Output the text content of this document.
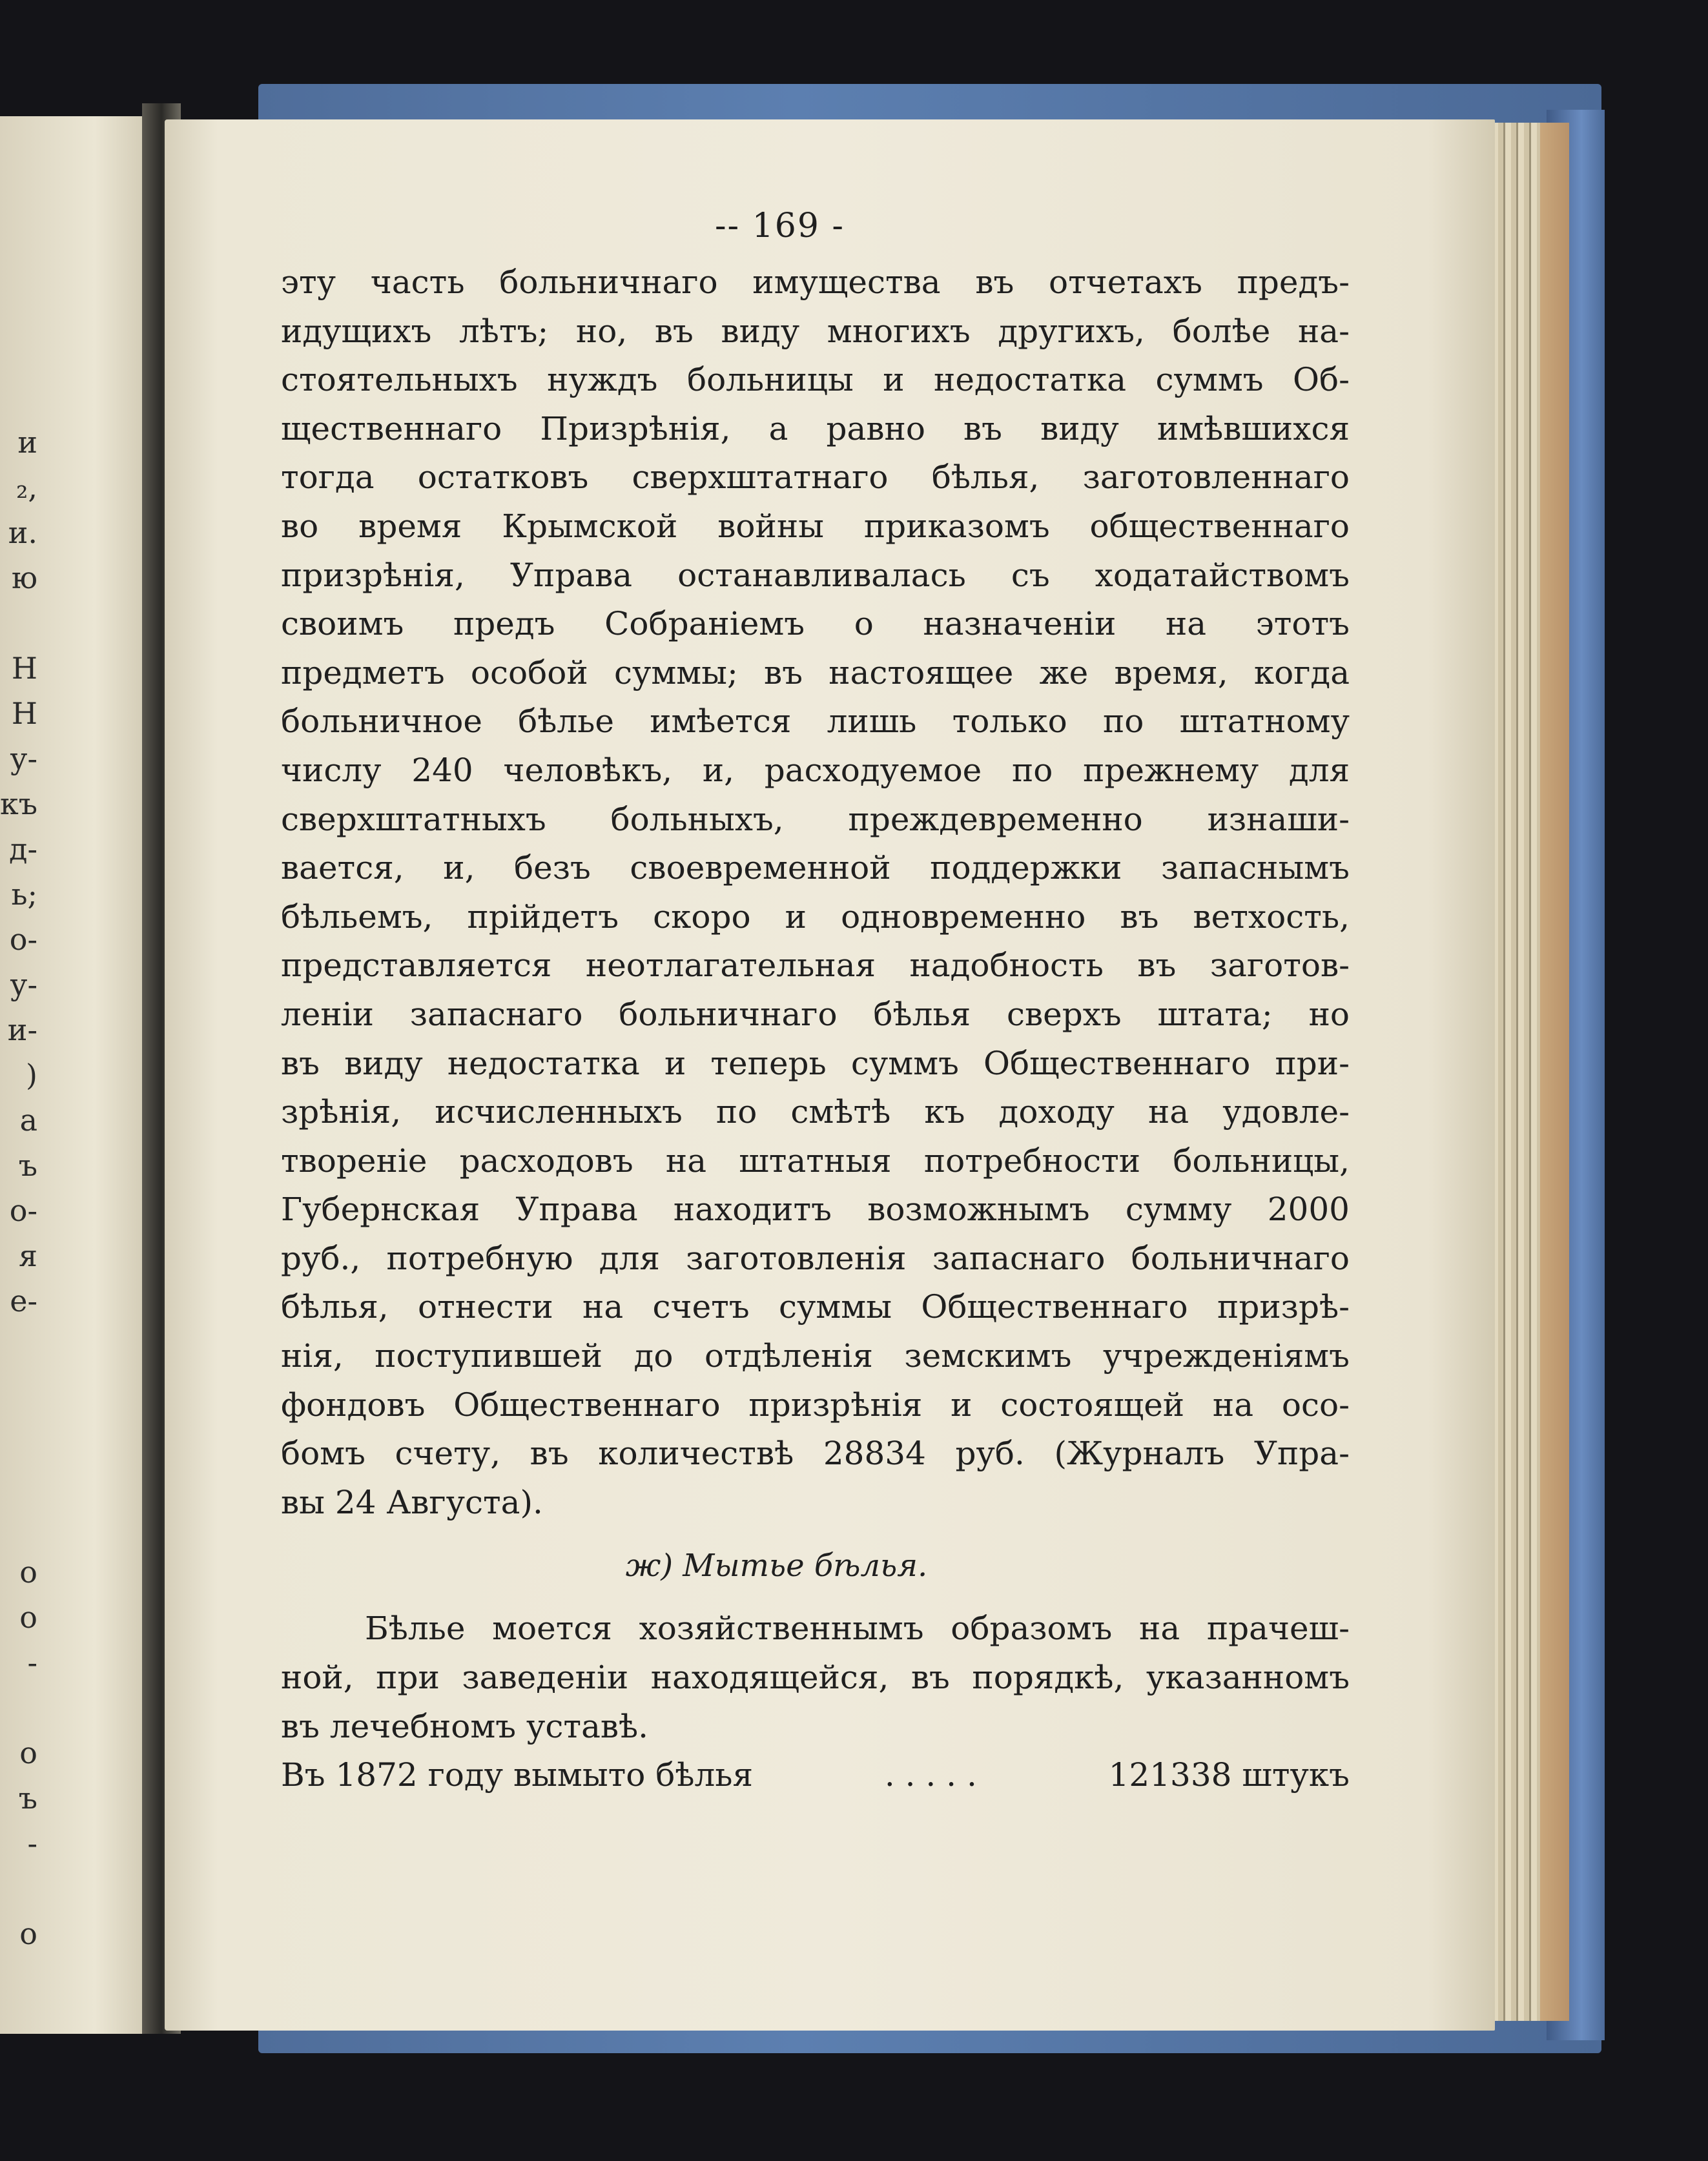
и
₂,
и.
ю
Н
Н
у-
къ
д-
ь;
о-
у-
и-
)
а
ъ
о-
я
е-
о
о
-
о
ъ
-
о
-- 169 -
эту часть больничнаго имущества въ отчетахъ предъ-
идущихъ лѣтъ; но, въ виду многихъ другихъ, болѣе на-
стоятельныхъ нуждъ больницы и недостатка суммъ Об-
щественнаго Призрѣнія, а равно въ виду имѣвшихся
тогда остатковъ сверхштатнаго бѣлья, заготовленнаго
во время Крымской войны приказомъ общественнаго
призрѣнія, Управа останавливалась съ ходатайствомъ
своимъ предъ Собраніемъ о назначеніи на этотъ
предметъ особой суммы; въ настоящее же время, когда
больничное бѣлье имѣется лишь только по штатному
числу 240 человѣкъ, и, расходуемое по прежнему для
сверхштатныхъ больныхъ, преждевременно изнаши-
вается, и, безъ своевременной поддержки запаснымъ
бѣльемъ, прійдетъ скоро и одновременно въ ветхость,
представляется неотлагательная надобность въ заготов-
леніи запаснаго больничнаго бѣлья сверхъ штата; но
въ виду недостатка и теперь суммъ Общественнаго при-
зрѣнія, исчисленныхъ по смѣтѣ къ доходу на удовле-
твореніе расходовъ на штатныя потребности больницы,
Губернская Управа находитъ возможнымъ сумму 2000
руб., потребную для заготовленія запаснаго больничнаго
бѣлья, отнести на счетъ суммы Общественнаго призрѣ-
нія, поступившей до отдѣленія земскимъ учрежденіямъ
фондовъ Общественнаго призрѣнія и состоящей на осо-
бомъ счету, въ количествѣ 28834 руб. (Журналъ Упра-
вы 24 Августа).
ж) Мытье бѣлья.
Бѣлье моется хозяйственнымъ образомъ на прачеш-
ной, при заведеніи находящейся, въ порядкѣ, указанномъ
въ лечебномъ уставѣ.
Въ 1872 году вымыто бѣлья	. . . . .	121338 штукъ
